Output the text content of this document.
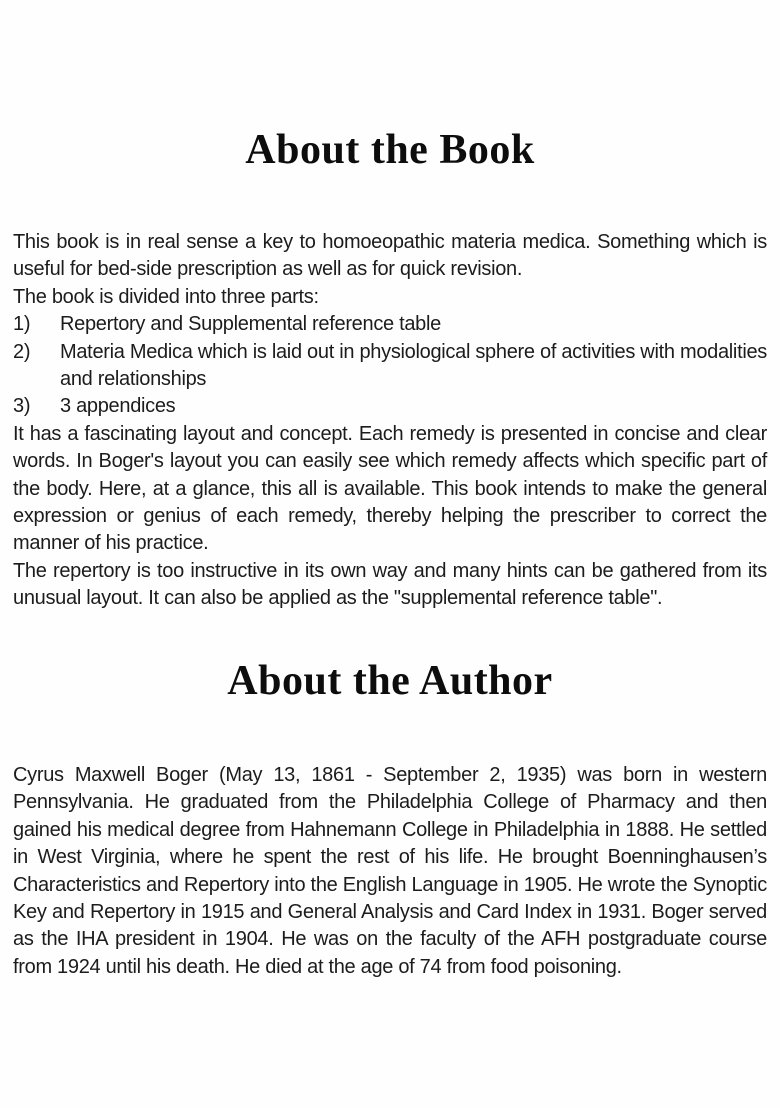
About the Book

This book is in real sense a key to homoeopathic materia medica. Something which is useful for bed-side prescription as well as for quick revision.

The book is divided into three parts:

1)	Repertory and Supplemental reference table
2)	Materia Medica which is laid out in physiological sphere of activities with modalities and relationships
3)	3 appendices

It has a fascinating layout and concept. Each remedy is presented in concise and clear words. In Boger's layout you can easily see which remedy affects which specific part of the body. Here, at a glance, this all is available. This book intends to make the general expression or genius of each remedy, thereby helping the prescriber to correct the manner of his practice.

The repertory is too instructive in its own way and many hints can be gathered from its unusual layout. It can also be applied as the "supplemental reference table".

About the Author

Cyrus Maxwell Boger (May 13, 1861 - September 2, 1935) was born in western Pennsylvania. He graduated from the Philadelphia College of Pharmacy and then gained his medical degree from Hahnemann College in Philadelphia in 1888. He settled in West Virginia, where he spent the rest of his life. He brought Boenninghausen’s Characteristics and Repertory into the English Language in 1905. He wrote the Synoptic Key and Repertory in 1915 and General Analysis and Card Index in 1931. Boger served as the IHA president in 1904. He was on the faculty of the AFH postgraduate course from 1924 until his death. He died at the age of 74 from food poisoning.
